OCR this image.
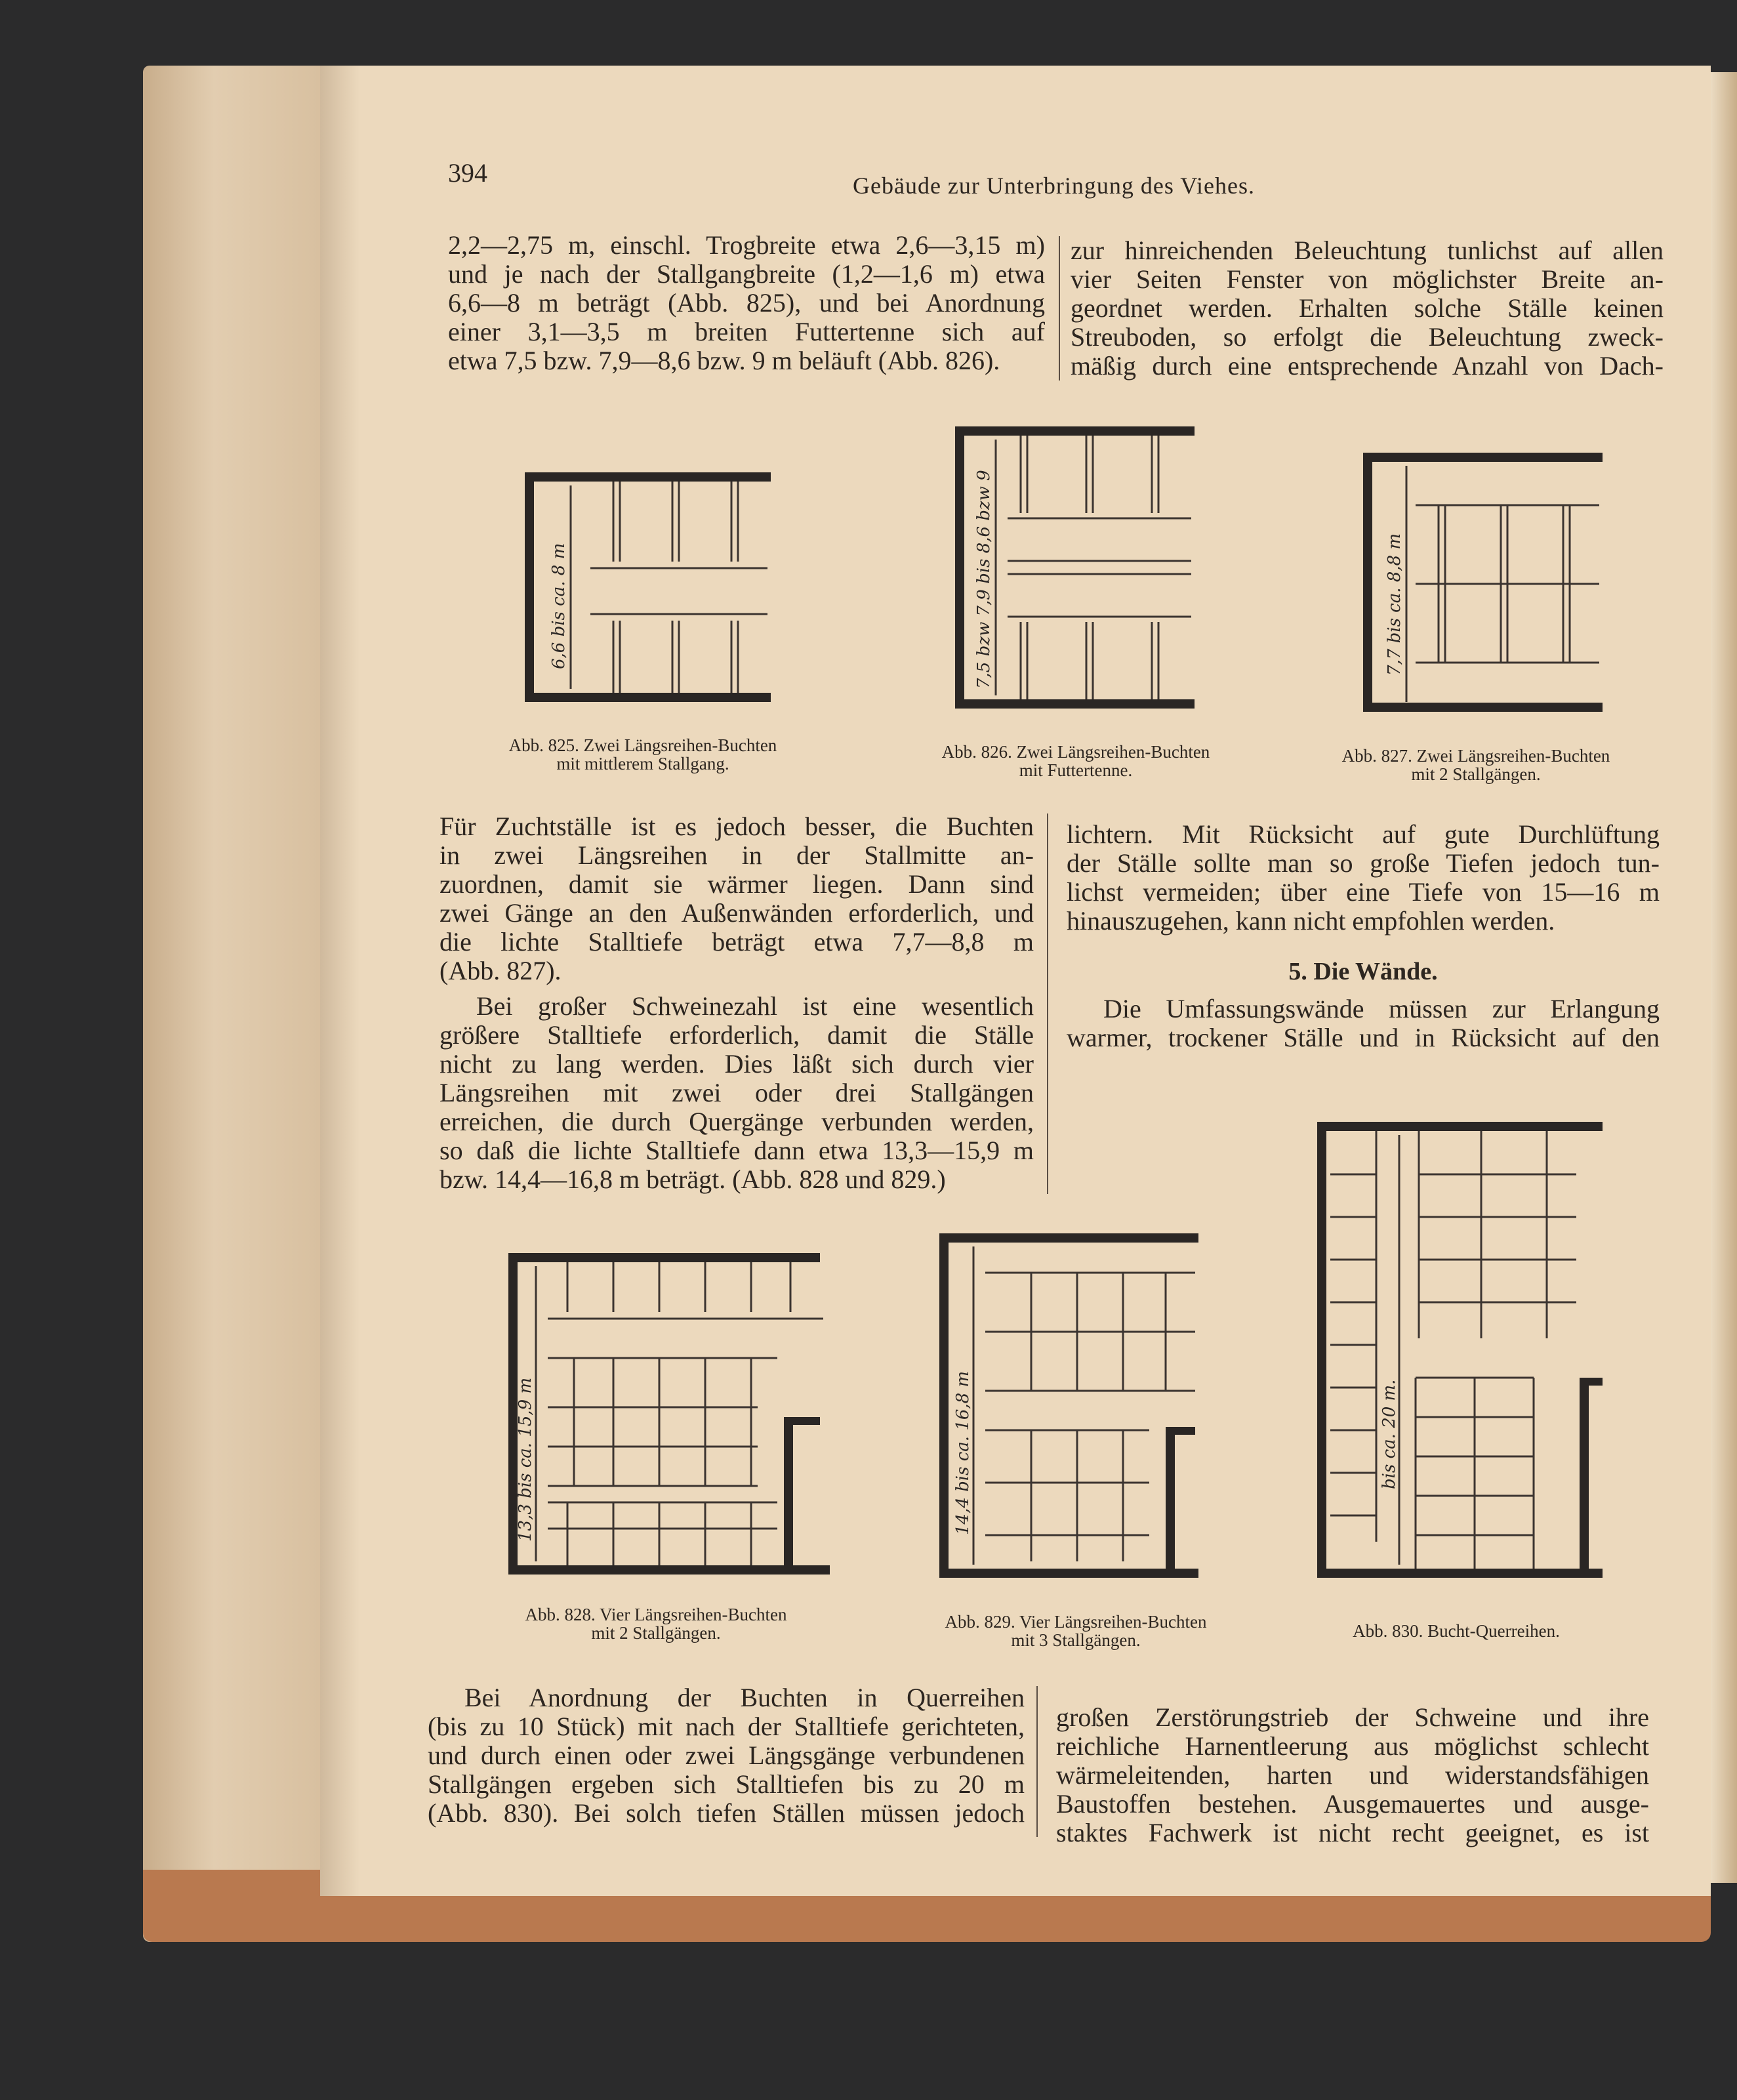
394	Gebäude zur Unterbringung des Viehes.

2,2—2,75 m, einschl. Trogbreite etwa 2,6—3,15 m)

und je nach der Stallgangbreite (1,2—1,6 m) etwa

6,6—8 m beträgt (Abb. 825), und bei Anordnung

einer 3,1—3,5 m breiten Futtertenne sich auf

etwa 7,5 bzw. 7,9—8,6 bzw. 9 m beläuft (Abb. 826).

zur hinreichenden Beleuchtung tunlichst auf allen

vier Seiten Fenster von möglichster Breite an-

geordnet werden. Erhalten solche Ställe keinen

Streuboden, so erfolgt die Beleuchtung zweck-

mäßig durch eine entsprechende Anzahl von Dach-

6,6 bis ca. 8 m
Abb. 825. Zwei Längsreihen-Buchten
mit mittlerem Stallgang.
7,5 bzw 7,9 bis 8,6 bzw 9
Abb. 826. Zwei Längsreihen-Buchten
mit Futtertenne.
7,7 bis ca. 8,8 m
Abb. 827. Zwei Längsreihen-Buchten
mit 2 Stallgängen.

Für Zuchtställe ist es jedoch besser, die Buchten

in zwei Längsreihen in der Stallmitte an-

zuordnen, damit sie wärmer liegen. Dann sind

zwei Gänge an den Außenwänden erforderlich, und

die lichte Stalltiefe beträgt etwa 7,7—8,8 m

(Abb. 827).

Bei großer Schweinezahl ist eine wesentlich

größere Stalltiefe erforderlich, damit die Ställe

nicht zu lang werden. Dies läßt sich durch vier

Längsreihen mit zwei oder drei Stallgängen

erreichen, die durch Quergänge verbunden werden,

so daß die lichte Stalltiefe dann etwa 13,3—15,9 m

bzw. 14,4—16,8 m beträgt. (Abb. 828 und 829.)

lichtern. Mit Rücksicht auf gute Durchlüftung

der Ställe sollte man so große Tiefen jedoch tun-

lichst vermeiden; über eine Tiefe von 15—16 m

hinauszugehen, kann nicht empfohlen werden.

5. Die Wände.

Die Umfassungswände müssen zur Erlangung

warmer, trockener Ställe und in Rücksicht auf den

13,3 bis ca. 15,9 m
Abb. 828. Vier Längsreihen-Buchten
mit 2 Stallgängen.
14,4 bis ca. 16,8 m
Abb. 829. Vier Längsreihen-Buchten
mit 3 Stallgängen.
bis ca. 20 m.
Abb. 830. Bucht-Querreihen.

Bei Anordnung der Buchten in Querreihen

(bis zu 10 Stück) mit nach der Stalltiefe gerichteten,

und durch einen oder zwei Längsgänge verbundenen

Stallgängen ergeben sich Stalltiefen bis zu 20 m

(Abb. 830). Bei solch tiefen Ställen müssen jedoch

großen Zerstörungstrieb der Schweine und ihre

reichliche Harnentleerung aus möglichst schlecht

wärmeleitenden, harten und widerstandsfähigen

Baustoffen bestehen. Ausgemauertes und ausge-

staktes Fachwerk ist nicht recht geeignet, es ist
